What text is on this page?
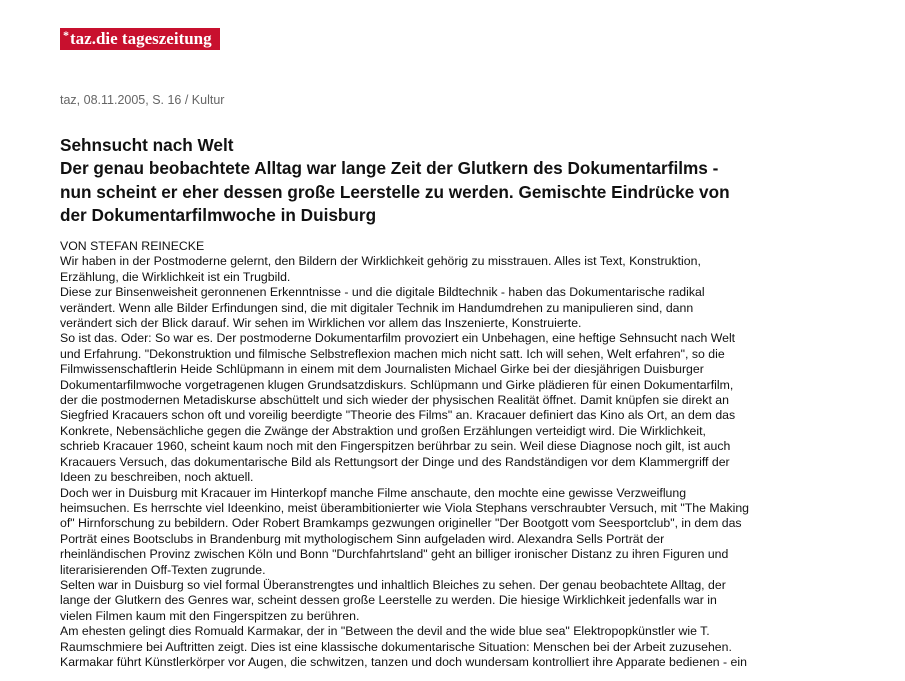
*taz.die tageszeitung
taz, 08.11.2005, S. 16 / Kultur
Sehnsucht nach Welt
Der genau beobachtete Alltag war lange Zeit der Glutkern des Dokumentarfilms -
nun scheint er eher dessen große Leerstelle zu werden. Gemischte Eindrücke von
der Dokumentarfilmwoche in Duisburg
VON STEFAN REINECKE
Wir haben in der Postmoderne gelernt, den Bildern der Wirklichkeit gehörig zu misstrauen. Alles ist Text, Konstruktion,
Erzählung, die Wirklichkeit ist ein Trugbild.
Diese zur Binsenweisheit geronnenen Erkenntnisse - und die digitale Bildtechnik - haben das Dokumentarische radikal
verändert. Wenn alle Bilder Erfindungen sind, die mit digitaler Technik im Handumdrehen zu manipulieren sind, dann
verändert sich der Blick darauf. Wir sehen im Wirklichen vor allem das Inszenierte, Konstruierte.
So ist das. Oder: So war es. Der postmoderne Dokumentarfilm provoziert ein Unbehagen, eine heftige Sehnsucht nach Welt
und Erfahrung. "Dekonstruktion und filmische Selbstreflexion machen mich nicht satt. Ich will sehen, Welt erfahren", so die
Filmwissenschaftlerin Heide Schlüpmann in einem mit dem Journalisten Michael Girke bei der diesjährigen Duisburger
Dokumentarfilmwoche vorgetragenen klugen Grundsatzdiskurs. Schlüpmann und Girke plädieren für einen Dokumentarfilm,
der die postmodernen Metadiskurse abschüttelt und sich wieder der physischen Realität öffnet. Damit knüpfen sie direkt an
Siegfried Kracauers schon oft und voreilig beerdigte "Theorie des Films" an. Kracauer definiert das Kino als Ort, an dem das
Konkrete, Nebensächliche gegen die Zwänge der Abstraktion und großen Erzählungen verteidigt wird. Die Wirklichkeit,
schrieb Kracauer 1960, scheint kaum noch mit den Fingerspitzen berührbar zu sein. Weil diese Diagnose noch gilt, ist auch
Kracauers Versuch, das dokumentarische Bild als Rettungsort der Dinge und des Randständigen vor dem Klammergriff der
Ideen zu beschreiben, noch aktuell.
Doch wer in Duisburg mit Kracauer im Hinterkopf manche Filme anschaute, den mochte eine gewisse Verzweiflung
heimsuchen. Es herrschte viel Ideenkino, meist überambitionierter wie Viola Stephans verschraubter Versuch, mit "The Making
of" Hirnforschung zu bebildern. Oder Robert Bramkamps gezwungen origineller "Der Bootgott vom Seesportclub", in dem das
Porträt eines Bootsclubs in Brandenburg mit mythologischem Sinn aufgeladen wird. Alexandra Sells Porträt der
rheinländischen Provinz zwischen Köln und Bonn "Durchfahrtsland" geht an billiger ironischer Distanz zu ihren Figuren und
literarisierenden Off-Texten zugrunde.
Selten war in Duisburg so viel formal Überanstrengtes und inhaltlich Bleiches zu sehen. Der genau beobachtete Alltag, der
lange der Glutkern des Genres war, scheint dessen große Leerstelle zu werden. Die hiesige Wirklichkeit jedenfalls war in
vielen Filmen kaum mit den Fingerspitzen zu berühren.
Am ehesten gelingt dies Romuald Karmakar, der in "Between the devil and the wide blue sea" Elektropopkünstler wie T.
Raumschmiere bei Auftritten zeigt. Dies ist eine klassische dokumentarische Situation: Menschen bei der Arbeit zuzusehen.
Karmakar führt Künstlerkörper vor Augen, die schwitzen, tanzen und doch wundersam kontrolliert ihre Apparate bedienen - ein
